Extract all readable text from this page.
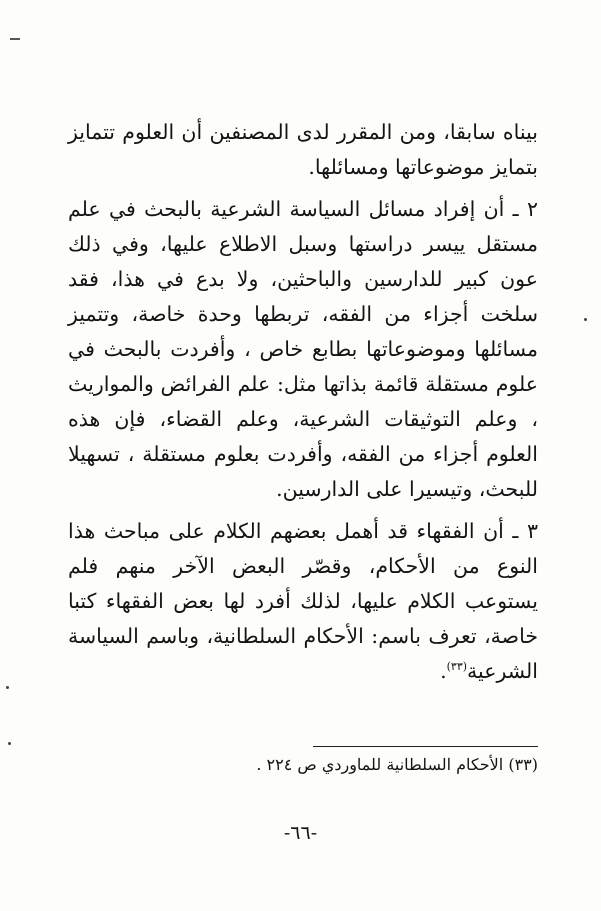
بيناه سابقا، ومن المقرر لدى المصنفين أن العلوم تتمايز بتمايز موضوعاتها ومسائلها.

٢ ـ أن إفراد مسائل السياسة الشرعية بالبحث في علم مستقل ييسر دراستها وسبل الاطلاع عليها، وفي ذلك عون كبير للدارسين والباحثين، ولا بدع في هذا، فقد سلخت أجزاء من الفقه، تربطها وحدة خاصة، وتتميز مسائلها وموضوعاتها بطابع خاص ، وأفردت بالبحث في علوم مستقلة قائمة بذاتها مثل: علم الفرائض والمواريث ، وعلم التوثيقات الشرعية، وعلم القضاء، فإن هذه العلوم أجزاء من الفقه، وأفردت بعلوم مستقلة ، تسهيلا للبحث، وتيسيرا على الدارسين.

٣ ـ أن الفقهاء قد أهمل بعضهم الكلام على مباحث هذا النوع من الأحكام، وقصّر البعض الآخر منهم فلم يستوعب الكلام عليها، لذلك أفرد لها بعض الفقهاء كتبا خاصة، تعرف باسم: الأحكام السلطانية، وباسم السياسة الشرعية$^{(٣٣)}$.

(٣٣) الأحكام السلطانية للماوردي ص ٢٢٤ .
-٦٦-
